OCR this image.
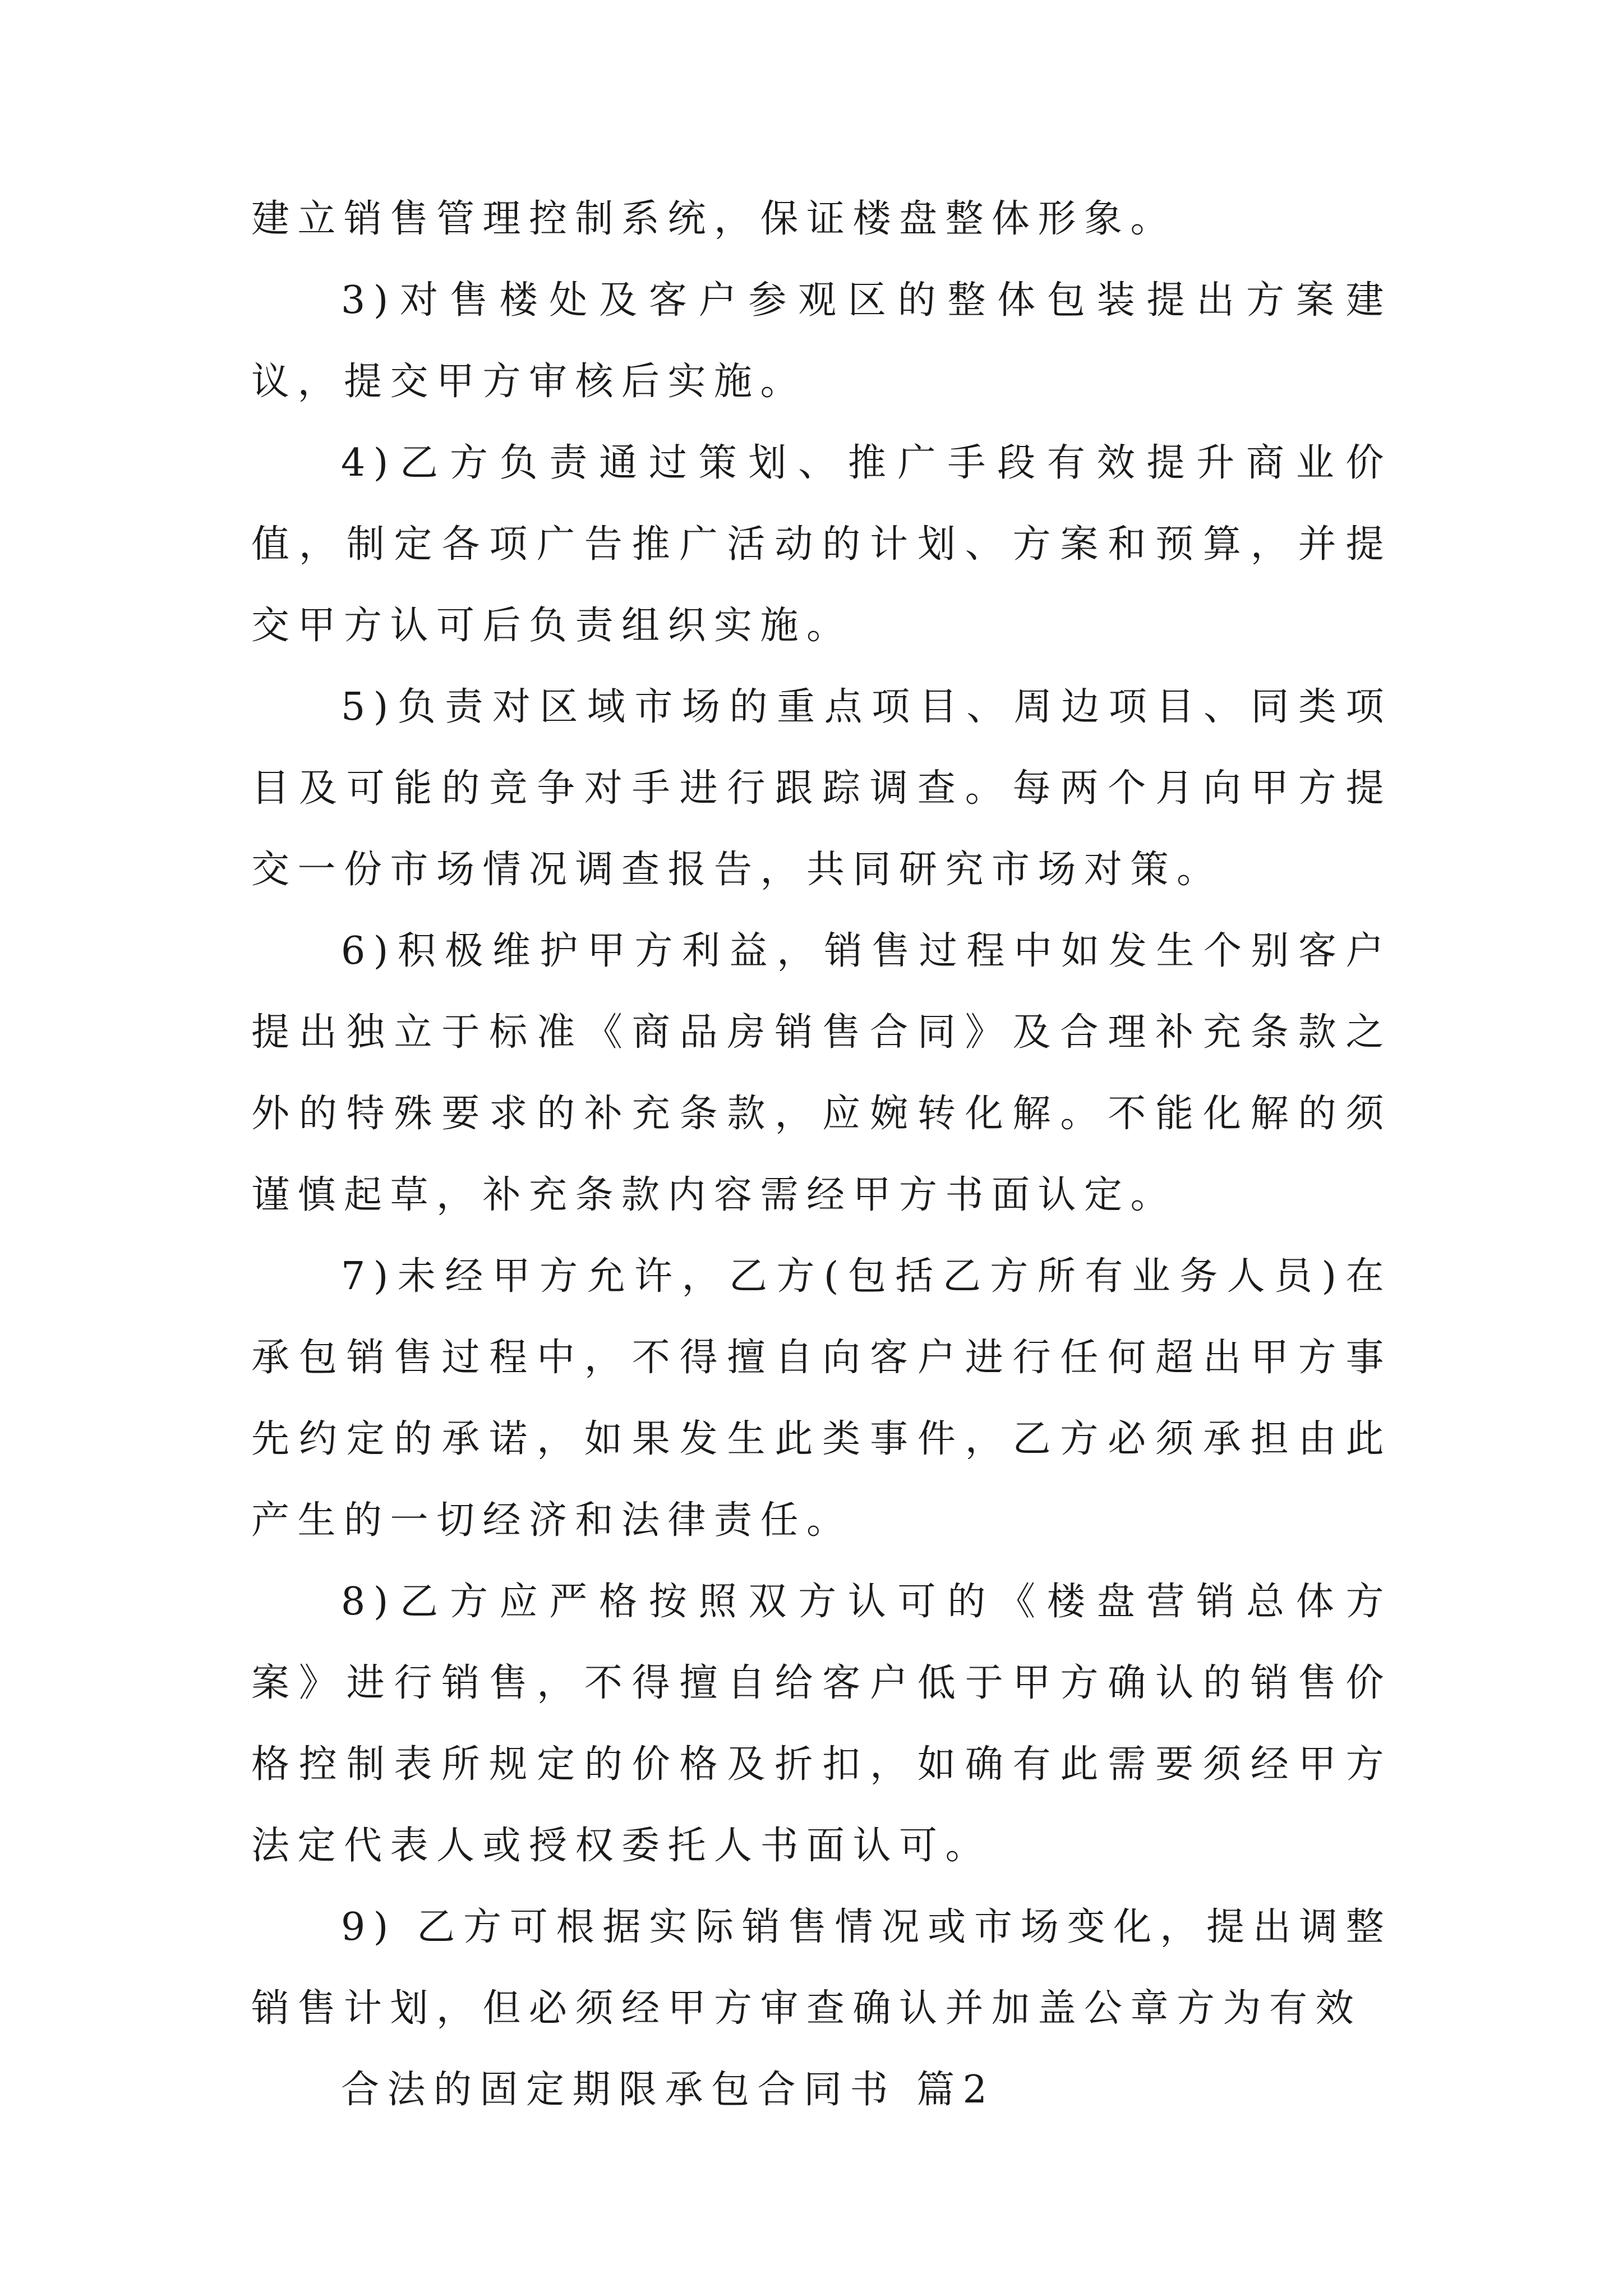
建立销售管理控制系统，保证楼盘整体形象。

3)对售楼处及客户参观区的整体包装提出方案建议，提交甲方审核后实施。

4)乙方负责通过策划、推广手段有效提升商业价值，制定各项广告推广活动的计划、方案和预算，并提交甲方认可后负责组织实施。

5)负责对区域市场的重点项目、周边项目、同类项目及可能的竞争对手进行跟踪调查。每两个月向甲方提交一份市场情况调查报告，共同研究市场对策。

6)积极维护甲方利益，销售过程中如发生个别客户提出独立于标准《商品房销售合同》及合理补充条款之外的特殊要求的补充条款，应婉转化解。不能化解的须谨慎起草，补充条款内容需经甲方书面认定。

7)未经甲方允许，乙方(包括乙方所有业务人员)在承包销售过程中，不得擅自向客户进行任何超出甲方事先约定的承诺，如果发生此类事件，乙方必须承担由此产生的一切经济和法律责任。

8)乙方应严格按照双方认可的《楼盘营销总体方案》进行销售，不得擅自给客户低于甲方确认的销售价格控制表所规定的价格及折扣，如确有此需要须经甲方法定代表人或授权委托人书面认可。

9) 乙方可根据实际销售情况或市场变化，提出调整销售计划，但必须经甲方审查确认并加盖公章方为有效

合法的固定期限承包合同书 篇2
